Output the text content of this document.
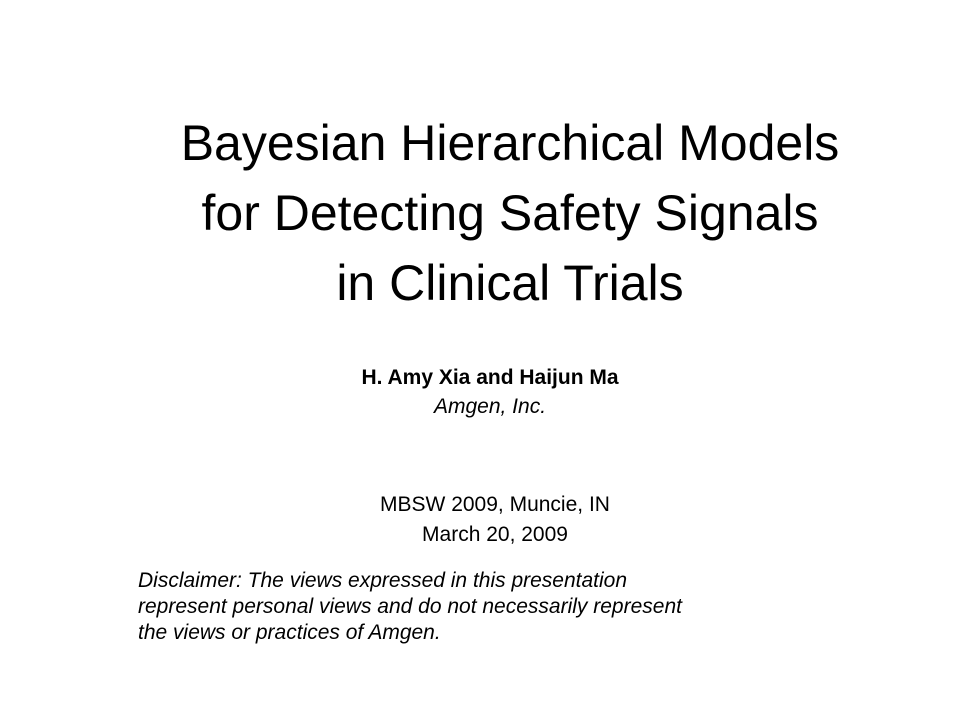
Bayesian Hierarchical Models
for Detecting Safety Signals
in Clinical Trials
H. Amy Xia and Haijun Ma
Amgen, Inc.
MBSW 2009, Muncie, IN
March 20, 2009
Disclaimer: The views expressed in this presentation
represent personal views and do not necessarily represent
the views or practices of Amgen.
